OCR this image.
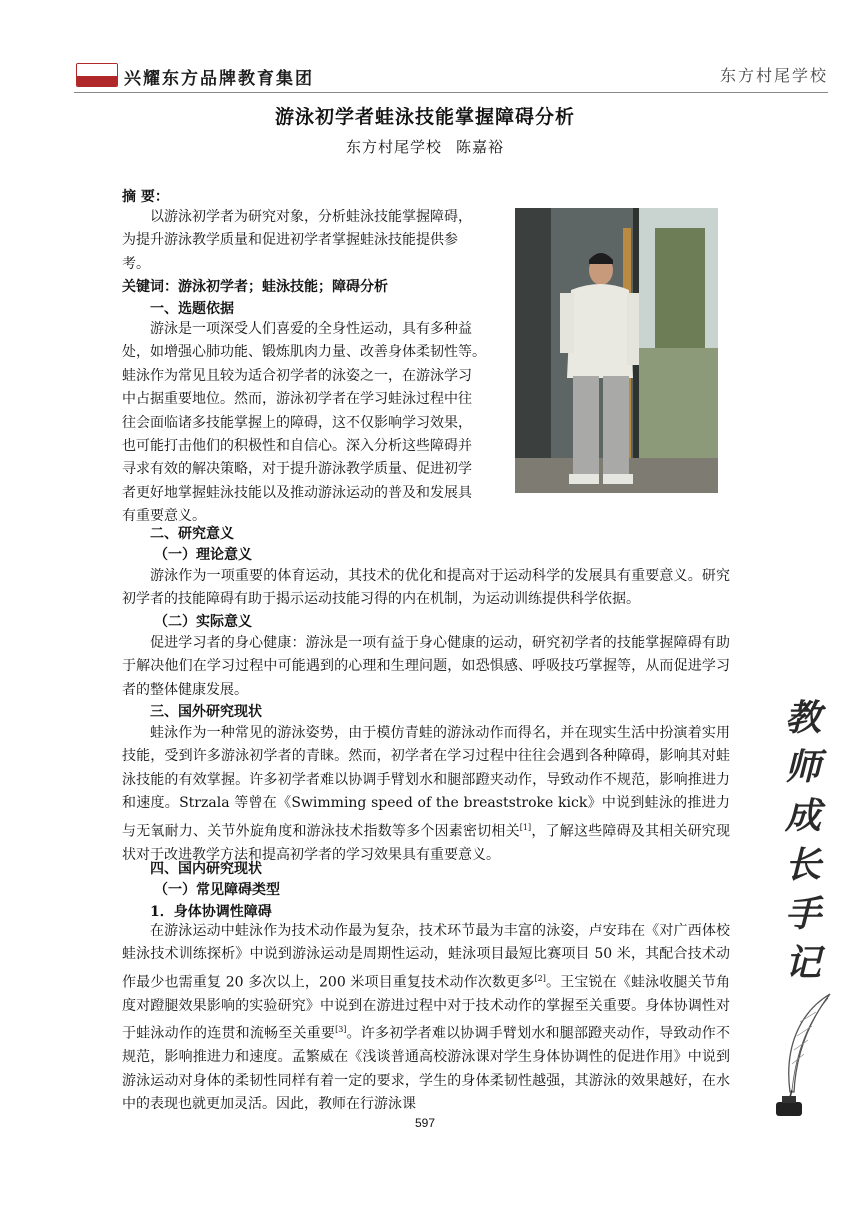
兴耀东方品牌教育集团	东方村尾学校
游泳初学者蛙泳技能掌握障碍分析
东方村尾学校 陈嘉裕
摘 要：
以游泳初学者为研究对象，分析蛙泳技能掌握障碍，
为提升游泳教学质量和促进初学者掌握蛙泳技能提供参
考。
关键词：游泳初学者；蛙泳技能；障碍分析
一、选题依据
游泳是一项深受人们喜爱的全身性运动，具有多种益
处，如增强心肺功能、锻炼肌肉力量、改善身体柔韧性等。
蛙泳作为常见且较为适合初学者的泳姿之一，在游泳学习
中占据重要地位。然而，游泳初学者在学习蛙泳过程中往
往会面临诸多技能掌握上的障碍，这不仅影响学习效果，
也可能打击他们的积极性和自信心。深入分析这些障碍并
寻求有效的解决策略，对于提升游泳教学质量、促进初学
者更好地掌握蛙泳技能以及推动游泳运动的普及和发展具
有重要意义。
二、研究意义
（一）理论意义
游泳作为一项重要的体育运动，其技术的优化和提高对于运动科学的发展具有重要意义。研究初学者的技能障碍有助于揭示运动技能习得的内在机制，为运动训练提供科学依据。
（二）实际意义
促进学习者的身心健康：游泳是一项有益于身心健康的运动，研究初学者的技能掌握障碍有助于解决他们在学习过程中可能遇到的心理和生理问题，如恐惧感、呼吸技巧掌握等，从而促进学习者的整体健康发展。
三、国外研究现状
蛙泳作为一种常见的游泳姿势，由于模仿青蛙的游泳动作而得名，并在现实生活中扮演着实用技能，受到许多游泳初学者的青睐。然而，初学者在学习过程中往往会遇到各种障碍，影响其对蛙泳技能的有效掌握。许多初学者难以协调手臂划水和腿部蹬夹动作，导致动作不规范，影响推进力和速度。Strzala 等曾在《Swimming speed of the breaststroke kick》中说到蛙泳的推进力与无氧耐力、关节外旋角度和游泳技术指数等多个因素密切相关[1]，了解这些障碍及其相关研究现状对于改进教学方法和提高初学者的学习效果具有重要意义。
四、国内研究现状
（一）常见障碍类型
1．身体协调性障碍
在游泳运动中蛙泳作为技术动作最为复杂，技术环节最为丰富的泳姿，卢安玮在《对广西体校蛙泳技术训练探析》中说到游泳运动是周期性运动，蛙泳项目最短比赛项目 50 米，其配合技术动作最少也需重复 20 多次以上，200 米项目重复技术动作次数更多[2]。王宝锐在《蛙泳收腿关节角度对蹬腿效果影响的实验研究》中说到在游进过程中对于技术动作的掌握至关重要。身体协调性对于蛙泳动作的连贯和流畅至关重要[3]。许多初学者难以协调手臂划水和腿部蹬夹动作，导致动作不规范，影响推进力和速度。孟繁威在《浅谈普通高校游泳课对学生身体协调性的促进作用》中说到游泳运动对身体的柔韧性同样有着一定的要求，学生的身体柔韧性越强，其游泳的效果越好，在水中的表现也就更加灵活。因此，教师在行游泳课
教
师
成
长
手
记
597
